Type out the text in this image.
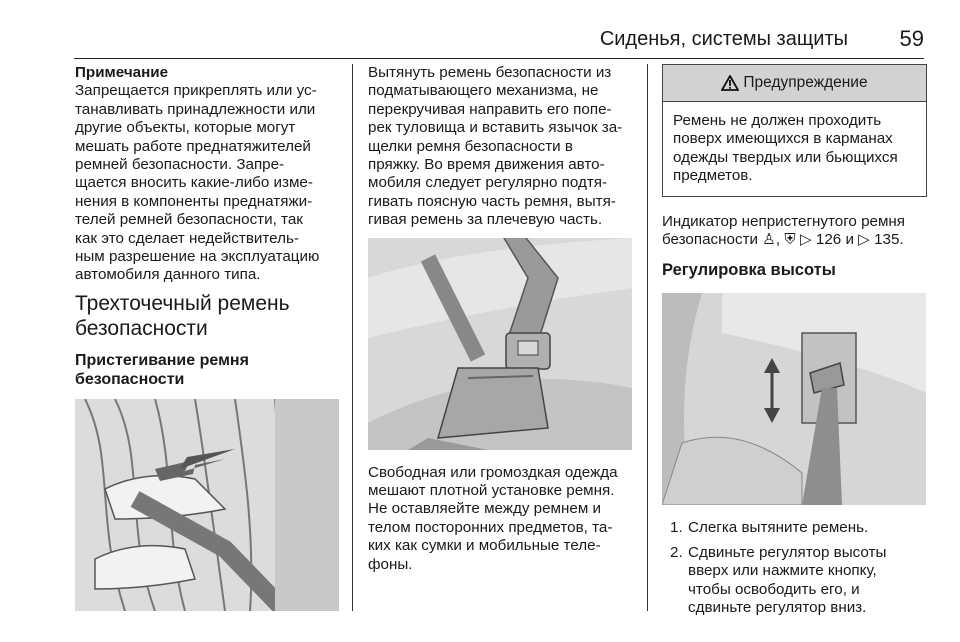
Сиденья, системы защиты 59
Примечание

Запрещается прикреплять или ус-
танавливать принадлежности или
другие объекты, которые могут
мешать работе преднатяжителей
ремней безопасности. Запре-
щается вносить какие-либо изме-
нения в компоненты преднатяжи-
телей ремней безопасности, так
как это сделает недействитель-
ным разрешение на эксплуатацию
автомобиля данного типа.

Трехточечный ремень
безопасности
Пристегивание ремня
безопасности

Вытянуть ремень безопасности из
подматывающего механизма, не
перекручивая направить его попе-
рек туловища и вставить язычок за-
щелки ремня безопасности в
пряжку. Во время движения авто-
мобиля следует регулярно подтя-
гивать поясную часть ремня, вытя-
гивая ремень за плечевую часть.

Свободная или громоздкая одежда
мешают плотной установке ремня.
Не оставляейте между ремнем и
телом посторонних предметов, та-
ких как сумки и мобильные теле-
фоны.

Предупреждение
Ремень не должен проходить
поверх имеющихся в карманах
одежды твердых или бьющихся
предметов.

Индикатор непристегнутого ремня
безопасности ♙, ⛨ ▷ 126 и ▷ 135.

Регулировка высоты
1. Слегка вытяните ремень.
2. Сдвиньте регулятор высоты
вверх или нажмите кнопку,
чтобы освободить его, и
сдвиньте регулятор вниз.
